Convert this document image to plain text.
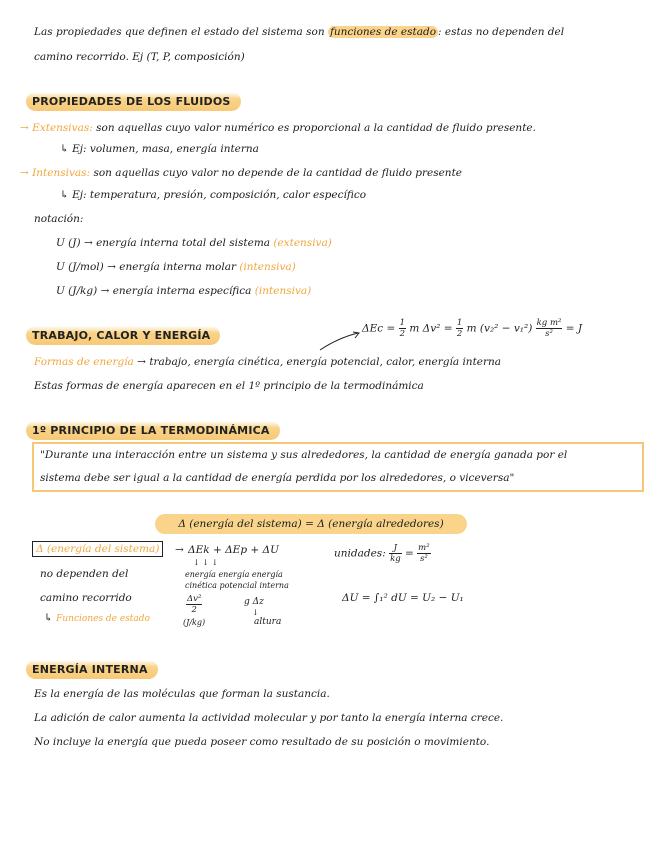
Las propiedades que definen el estado del sistema son funciones de estado : estas no dependen del
camino recorrido. Ej (T, P, composición)
PROPIEDADES DE LOS FLUIDOS
→ Extensivas: son aquellas cuyo valor numérico es proporcional a la cantidad de fluido presente.
↳ Ej: volumen, masa, energía interna
→ Intensivas: son aquellas cuyo valor no depende de la cantidad de fluido presente
↳ Ej: temperatura, presión, composición, calor específico
notación:
U (J) → energía interna total del sistema (extensiva)
U (J/mol) → energía interna molar (intensiva)
U (J/kg) → energía interna específica (intensiva)
TRABAJO, CALOR Y ENERGÍA
$\Delta Ec = \frac{1}{2}$ m $\Delta v^2 = \frac{1}{2}$ m $(v_2^2 - v_1^2) \frac{\text{kg m²}}{\text{s²}} = J$
Formas de energía → trabajo, energía cinética, energía potencial, calor, energía interna
Estas formas de energía aparecen en el 1º principio de la termodinámica
1º PRINCIPIO DE LA TERMODINÁMICA
"Durante una interacción entre un sistema y sus alrededores, la cantidad de energía ganada por el
sistema debe ser igual a la cantidad de energía perdida por los alrededores, o viceversa"
Δ (energía del sistema) = Δ (energía alrededores)
Δ (energía del sistema)	→ ΔEk + ΔEp + ΔU
↓ ↓ ↓
energía energía energía
cinética potencial interna
$\frac{\text{Δv²}}{2}$
(J/kg)
g Δz
↓
altura
no dependen del
camino recorrido
↳ Funciones de estado
unidades: $\frac{J}{kg} = \frac{\text{m²}}{\text{s²}}$
ΔU = ∫₁² dU = U₂ − U₁
ENERGÍA INTERNA
Es la energía de las moléculas que forman la sustancia.
La adición de calor aumenta la actividad molecular y por tanto la energía interna crece.
No incluye la energía que pueda poseer como resultado de su posición o movimiento.
